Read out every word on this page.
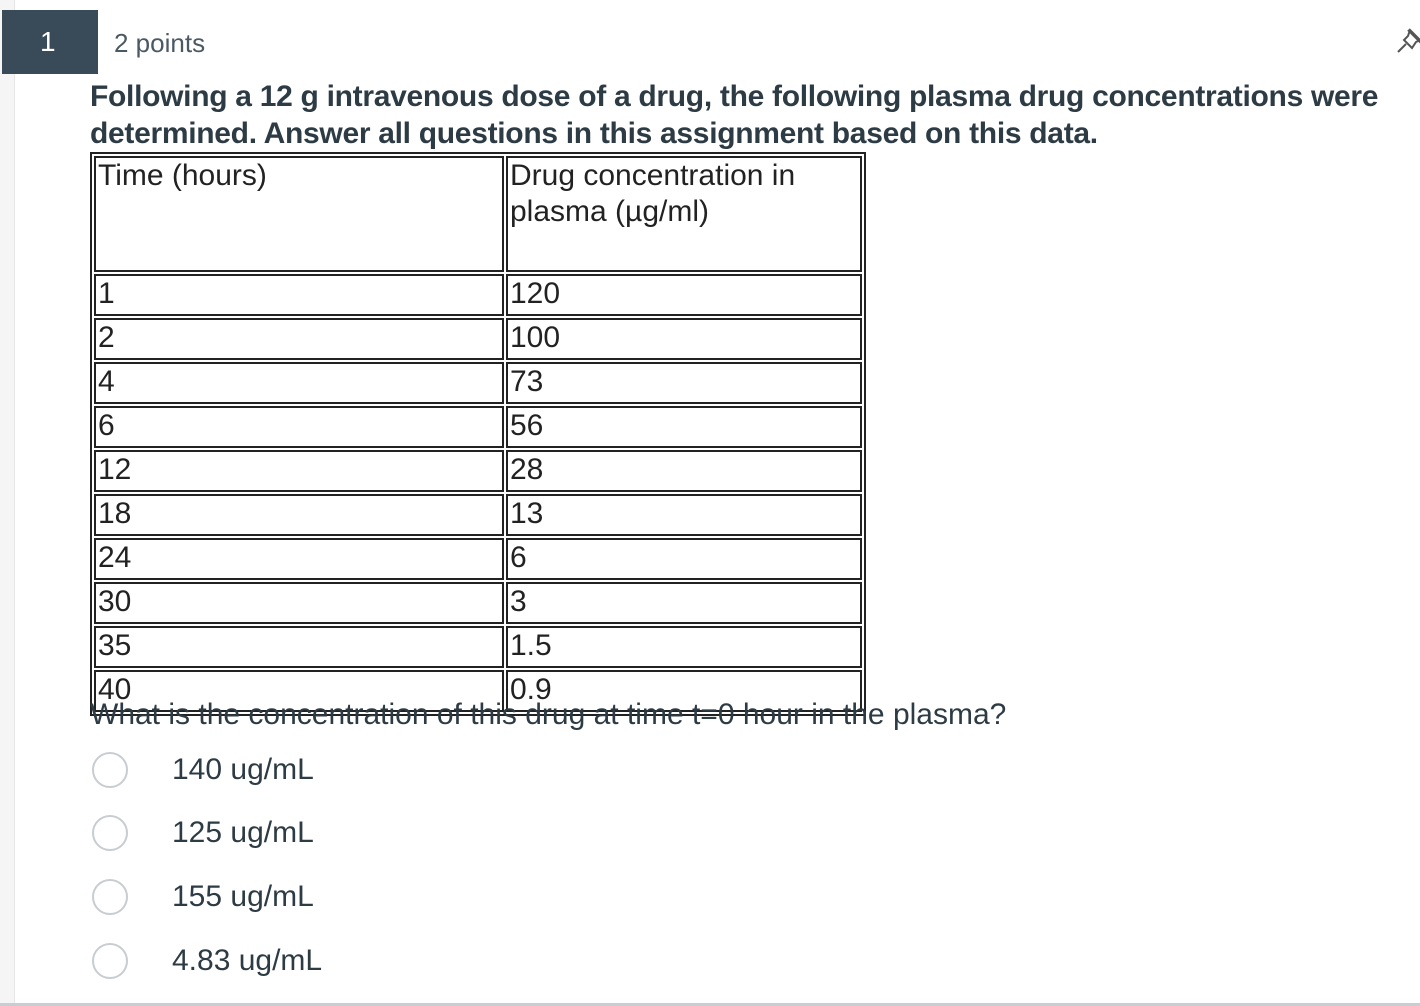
1	2 points
Following a 12 g intravenous dose of a drug, the following plasma drug concentrations were determined. Answer all questions in this assignment based on this data.
Time (hours)	Drug concentration in plasma (µg/ml)
1	120
2	100
4	73
6	56
12	28
18	13
24	6
30	3
35	1.5
40	0.9
What is the concentration of this drug at time t=0 hour in the plasma?
140 ug/mL
125 ug/mL
155 ug/mL
4.83 ug/mL
